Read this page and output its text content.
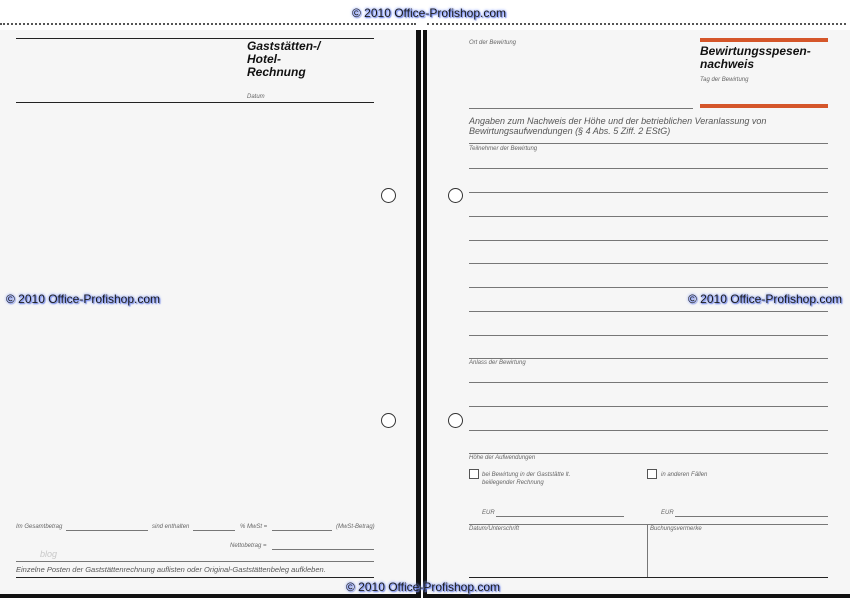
Gaststätten-/
Hotel-
Rechnung
Datum
Im Gesamtbetrag	sind enthalten	% MwSt =	(MwSt-Betrag)
Nettobetrag =
blog
Einzelne Posten der Gaststättenrechnung auflisten oder Original-Gaststättenbeleg aufkleben.
Ort der Bewirtung
Bewirtungsspesen-
nachweis
Tag der Bewirtung
Angaben zum Nachweis der Höhe und der betrieblichen Veranlassung von Bewirtungsaufwendungen (§ 4 Abs. 5 Ziff. 2 EStG)
Teilnehmer der Bewirtung
Anlass der Bewirtung
Höhe der Aufwendungen
bei Bewirtung in der Gaststätte lt. beiliegender Rechnung
in anderen Fällen
EUR	EUR
Datum/Unterschrift	Buchungsvermerke
© 2010 Office-Profishop.com
© 2010 Office-Profishop.com	© 2010 Office-Profishop.com
© 2010 Office-Profishop.com
